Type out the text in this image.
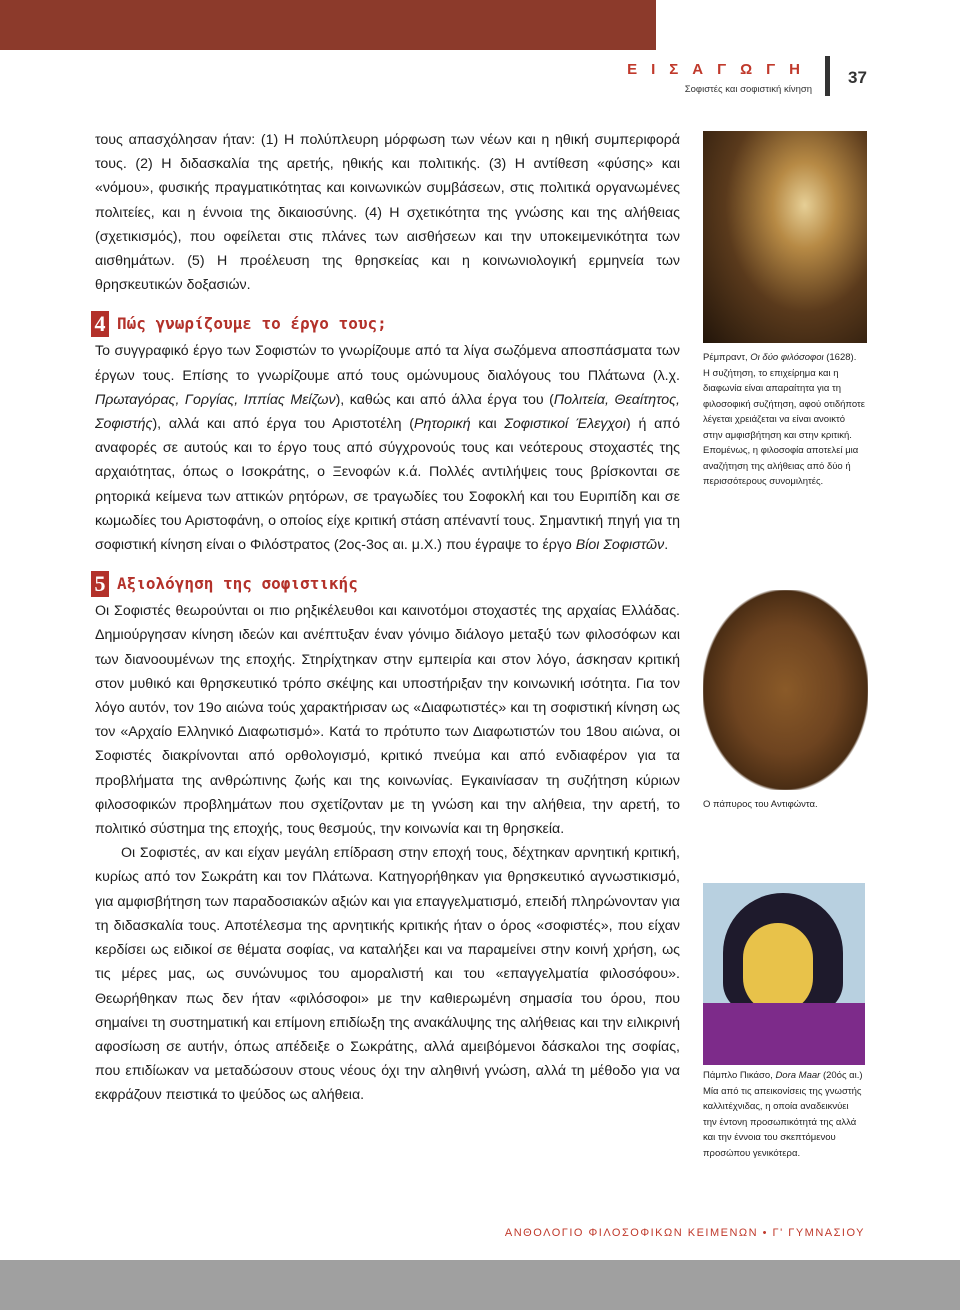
ΕΙΣΑΓΩΓΗ
Σοφιστές και σοφιστική κίνηση
37

τους απασχόλησαν ήταν: (1) Η πολύπλευρη μόρφωση των νέων και η ηθική συμπεριφορά τους. (2) Η διδασκαλία της αρετής, ηθικής και πολιτικής. (3) Η αντίθεση «φύσης» και «νόμου», φυσικής πραγματικότητας και κοινωνικών συμβάσεων, στις πολιτικά οργανωμένες πολιτείες, και η έννοια της δικαιοσύνης. (4) Η σχετικότητα της γνώσης και της αλήθειας (σχετικισμός), που οφείλεται στις πλάνες των αισθήσεων και την υποκειμενικότητα των αισθημάτων. (5) Η προέλευση της θρησκείας και η κοινωνιολογική ερμηνεία των θρησκευτικών δοξασιών.

4 Πώς γνωρίζουμε το έργο τους;

Το συγγραφικό έργο των Σοφιστών το γνωρίζουμε από τα λίγα σωζόμενα αποσπάσματα των έργων τους. Επίσης το γνωρίζουμε από τους ομώνυμους διαλόγους του Πλάτωνα (λ.χ. Πρωταγόρας, Γοργίας, Ιππίας Μείζων), καθώς και από άλλα έργα του (Πολιτεία, Θεαίτητος, Σοφιστής), αλλά και από έργα του Αριστοτέλη (Ρητορική και Σοφιστικοί Έλεγχοι) ή από αναφορές σε αυτούς και το έργο τους από σύγχρονούς τους και νεότερους στοχαστές της αρχαιότητας, όπως ο Ισοκράτης, ο Ξενοφών κ.ά. Πολλές αντιλήψεις τους βρίσκονται σε ρητορικά κείμενα των αττικών ρητόρων, σε τραγωδίες του Σοφοκλή και του Ευριπίδη και σε κωμωδίες του Αριστοφάνη, ο οποίος είχε κριτική στάση απέναντί τους. Σημαντική πηγή για τη σοφιστική κίνηση είναι ο Φιλόστρατος (2ος-3ος αι. μ.Χ.) που έγραψε το έργο Βίοι Σοφιστῶν.

5 Αξιολόγηση της σοφιστικής

Οι Σοφιστές θεωρούνται οι πιο ρηξικέλευθοι και καινοτόμοι στοχαστές της αρχαίας Ελλάδας. Δημιούργησαν κίνηση ιδεών και ανέπτυξαν έναν γόνιμο διάλογο μεταξύ των φιλοσόφων και των διανοουμένων της εποχής. Στηρίχτηκαν στην εμπειρία και στον λόγο, άσκησαν κριτική στον μυθικό και θρησκευτικό τρόπο σκέψης και υποστήριξαν την κοινωνική ισότητα. Για τον λόγο αυτόν, τον 19ο αιώνα τούς χαρακτήρισαν ως «Διαφωτιστές» και τη σοφιστική κίνηση ως τον «Αρχαίο Ελληνικό Διαφωτισμό». Κατά το πρότυπο των Διαφωτιστών του 18ου αιώνα, οι Σοφιστές διακρίνονται από ορθολογισμό, κριτικό πνεύμα και από ενδιαφέρον για τα προβλήματα της ανθρώπινης ζωής και της κοινωνίας. Εγκαινίασαν τη συζήτηση κύριων φιλοσοφικών προβλημάτων που σχετίζονταν με τη γνώση και την αλήθεια, την αρετή, το πολιτικό σύστημα της εποχής, τους θεσμούς, την κοινωνία και τη θρησκεία.

Οι Σοφιστές, αν και είχαν μεγάλη επίδραση στην εποχή τους, δέχτηκαν αρνητική κριτική, κυρίως από τον Σωκράτη και τον Πλάτωνα. Κατηγορήθηκαν για θρησκευτικό αγνωστικισμό, για αμφισβήτηση των παραδοσιακών αξιών και για επαγγελματισμό, επειδή πληρώνονταν για τη διδασκαλία τους. Αποτέλεσμα της αρνητικής κριτικής ήταν ο όρος «σοφιστές», που είχαν κερδίσει ως ειδικοί σε θέματα σοφίας, να καταλήξει και να παραμείνει στην κοινή χρήση, ως τις μέρες μας, ως συνώνυμος του αμοραλιστή και του «επαγγελματία φιλοσόφου». Θεωρήθηκαν πως δεν ήταν «φιλόσοφοι» με την καθιερωμένη σημασία του όρου, που σημαίνει τη συστηματική και επίμονη επιδίωξη της ανακάλυψης της αλήθειας και την ειλικρινή αφοσίωση σε αυτήν, όπως απέδειξε ο Σωκράτης, αλλά αμειβόμενοι δάσκαλοι της σοφίας, που επιδίωκαν να μεταδώσουν στους νέους όχι την αληθινή γνώση, αλλά τη μέθοδο για να εκφράζουν πειστικά το ψεύδος ως αλήθεια.

Ρέμπραντ, Οι δύο φιλόσοφοι (1628). Η συζήτηση, το επιχείρημα και η διαφωνία είναι απαραίτητα για τη φιλοσοφική συζήτηση, αφού οτιδήποτε λέγεται χρειάζεται να είναι ανοικτό στην αμφισβήτηση και στην κριτική. Επομένως, η φιλοσοφία αποτελεί μια αναζήτηση της αλήθειας από δύο ή περισσότερους συνομιλητές.
Ο πάπυρος του Αντιφώντα.
Πάμπλο Πικάσο, Dora Maar (20ός αι.) Μία από τις απεικονίσεις της γνωστής καλλιτέχνιδας, η οποία αναδεικνύει την έντονη προσωπικότητά της αλλά και την έννοια του σκεπτόμενου προσώπου γενικότερα.
ΑΝΘΟΛΟΓΙΟ ΦΙΛΟΣΟΦΙΚΩΝ ΚΕΙΜΕΝΩΝ • Γ' ΓΥΜΝΑΣΙΟΥ
